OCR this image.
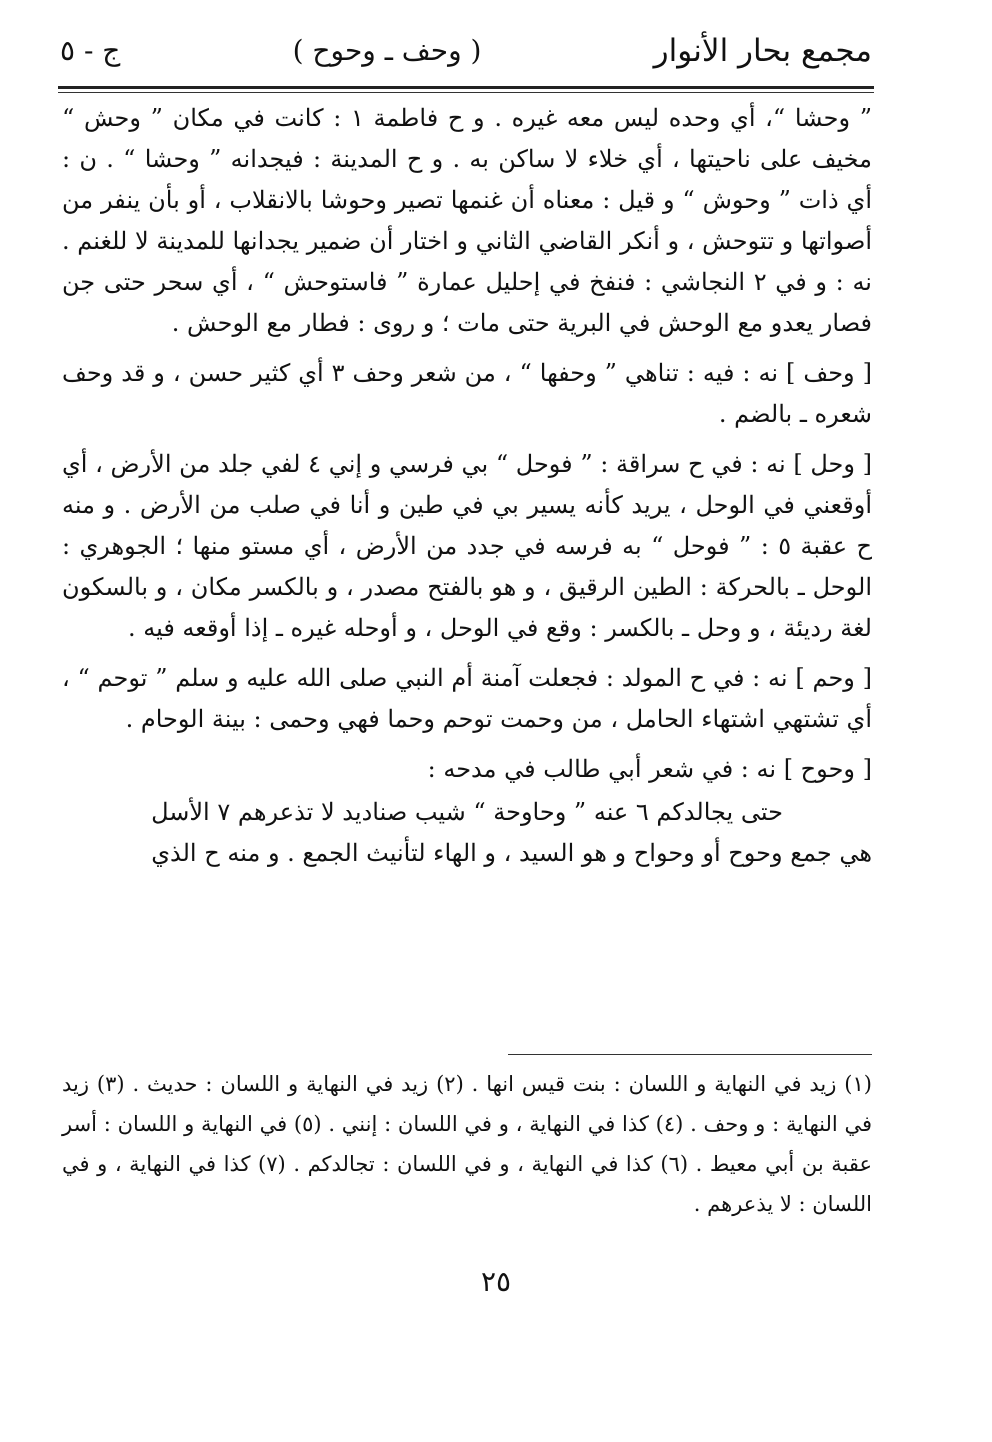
مجمع بحار الأنوار
( وحف ـ وحوح )
ج - ٥

” وحشا “، أي وحده ليس معه غيره . و ح فاطمة ١ : كانت في مكان ” وحش “ مخيف على ناحيتها ، أي خلاء لا ساكن به . و ح المدينة : فيجدانه ” وحشا “ . ن : أي ذات ” وحوش “ و قيل : معناه أن غنمها تصير وحوشا بالانقلاب ، أو بأن ينفر من أصواتها و تتوحش ، و أنكر القاضي الثاني و اختار أن ضمير يجدانها للمدينة لا للغنم . نه : و في ٢ النجاشي : فنفخ في إحليل عمارة ” فاستوحش “ ، أي سحر حتى جن فصار يعدو مع الوحش في البرية حتى مات ؛ و روى : فطار مع الوحش .

[ وحف ] نه : فيه : تناهي ” وحفها “ ، من شعر وحف ٣ أي كثير حسن ، و قد وحف شعره ـ بالضم .

[ وحل ] نه : في ح سراقة : ” فوحل “ بي فرسي و إني ٤ لفي جلد من الأرض ، أي أوقعني في الوحل ، يريد كأنه يسير بي في طين و أنا في صلب من الأرض . و منه ح عقبة ٥ : ” فوحل “ به فرسه في جدد من الأرض ، أي مستو منها ؛ الجوهري : الوحل ـ بالحركة : الطين الرقيق ، و هو بالفتح مصدر ، و بالكسر مكان ، و بالسكون لغة رديئة ، و وحل ـ بالكسر : وقع في الوحل ، و أوحله غيره ـ إذا أوقعه فيه .

[ وحم ] نه : في ح المولد : فجعلت آمنة أم النبي صلى الله عليه و سلم ” توحم “ ، أي تشتهي اشتهاء الحامل ، من وحمت توحم وحما فهي وحمى : بينة الوحام .

[ وحوح ] نه : في شعر أبي طالب في مدحه :

حتى يجالدكم ٦ عنه ” وحاوحة “ شيب صناديد لا تذعرهم ٧ الأسل

هي جمع وحوح أو وحواح و هو السيد ، و الهاء لتأنيث الجمع . و منه ح الذي

(١) زيد في النهاية و اللسان : بنت قيس انها . (٢) زيد في النهاية و اللسان : حديث . (٣) زيد في النهاية : و وحف . (٤) كذا في النهاية ، و في اللسان : إنني . (٥) في النهاية و اللسان : أسر عقبة بن أبي معيط . (٦) كذا في النهاية ، و في اللسان : تجالدكم . (٧) كذا في النهاية ، و في اللسان : لا يذعرهم .

٢٥
